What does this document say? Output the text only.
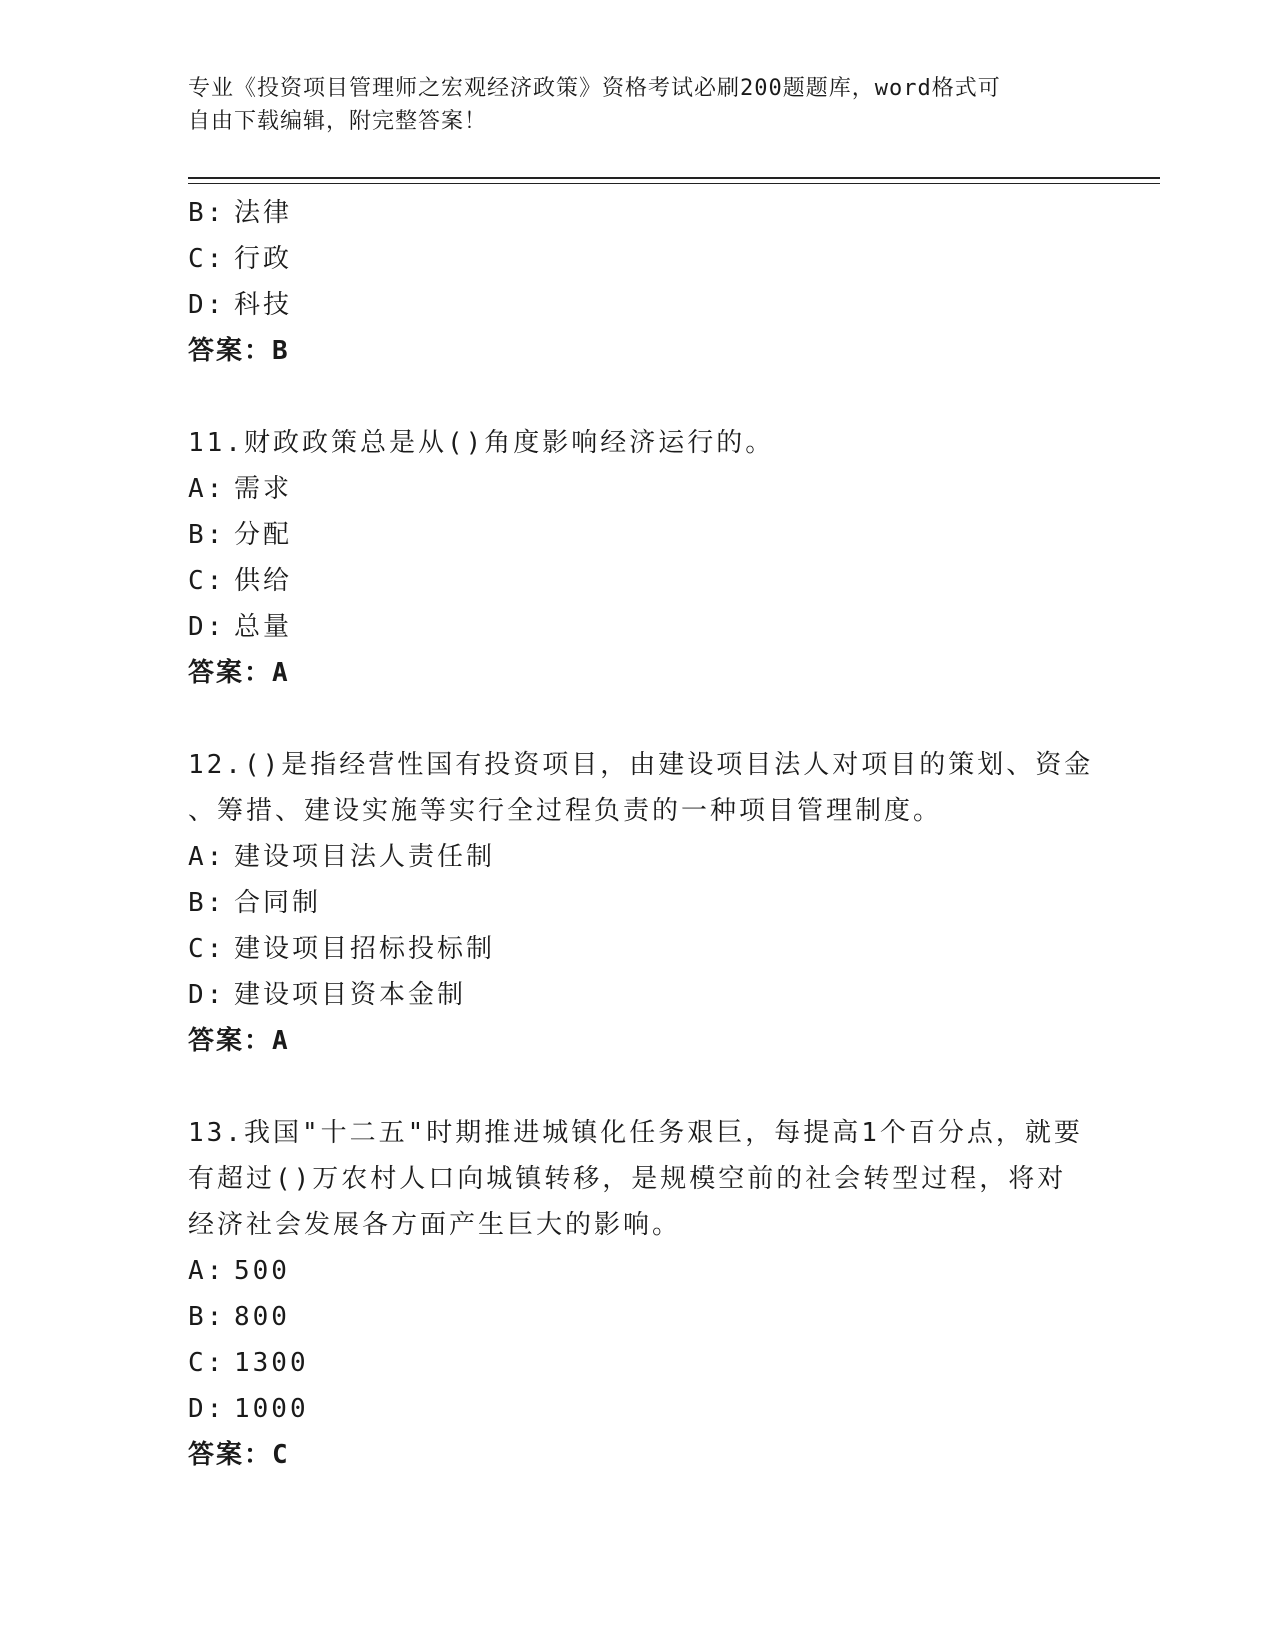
专业《投资项目管理师之宏观经济政策》资格考试必刷200题题库，word格式可
自由下载编辑，附完整答案！
B: 法律
C: 行政
D: 科技
答案：B
11.财政政策总是从()角度影响经济运行的。
A: 需求
B: 分配
C: 供给
D: 总量
答案：A
12.()是指经营性国有投资项目，由建设项目法人对项目的策划、资金
、筹措、建设实施等实行全过程负责的一种项目管理制度。
A: 建设项目法人责任制
B: 合同制
C: 建设项目招标投标制
D: 建设项目资本金制
答案：A
13.我国"十二五"时期推进城镇化任务艰巨，每提高1个百分点，就要
有超过()万农村人口向城镇转移，是规模空前的社会转型过程，将对
经济社会发展各方面产生巨大的影响。
A: 500
B: 800
C: 1300
D: 1000
答案：C
